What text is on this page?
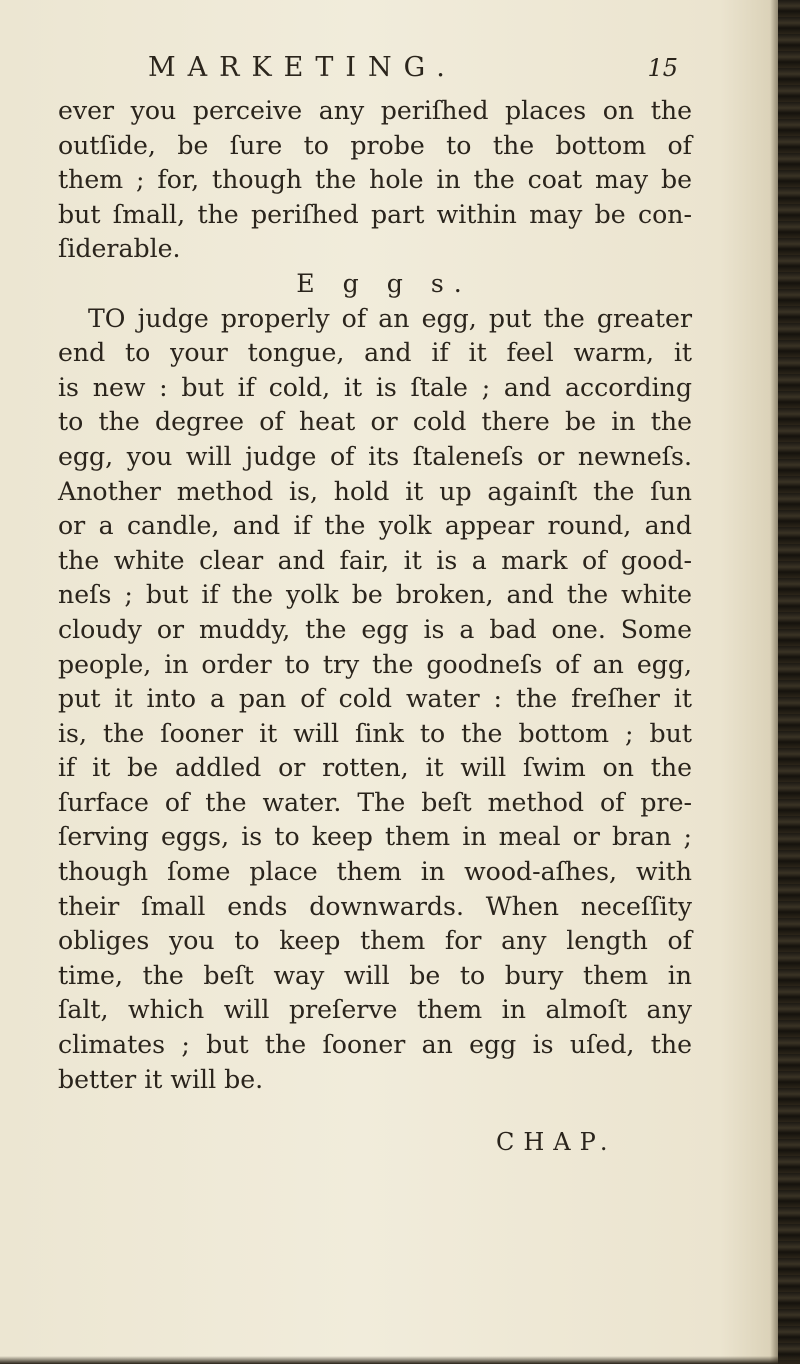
MARKETING.	15
ever you perceive any periſhed places on the
outſide, be ſure to probe to the bottom of
them ; for, though the hole in the coat may be
but ſmall, the periſhed part within may be con-
ſiderable.
E g g s.
TO judge properly of an egg, put the greater
end to your tongue, and if it feel warm, it
is new : but if cold, it is ſtale ; and according
to the degree of heat or cold there be in the
egg, you will judge of its ſtaleneſs or newneſs.
Another method is, hold it up againſt the ſun
or a candle, and if the yolk appear round, and
the white clear and fair, it is a mark of good-
neſs ; but if the yolk be broken, and the white
cloudy or muddy, the egg is a bad one. Some
people, in order to try the goodneſs of an egg,
put it into a pan of cold water : the freſher it
is, the ſooner it will ſink to the bottom ; but
if it be addled or rotten, it will ſwim on the
ſurface of the water. The beſt method of pre-
ſerving eggs, is to keep them in meal or bran ;
though ſome place them in wood-aſhes, with
their ſmall ends downwards. When neceſſity
obliges you to keep them for any length of
time, the beſt way will be to bury them in
ſalt, which will preſerve them in almoſt any
climates ; but the ſooner an egg is uſed, the
better it will be.
CHAP.
